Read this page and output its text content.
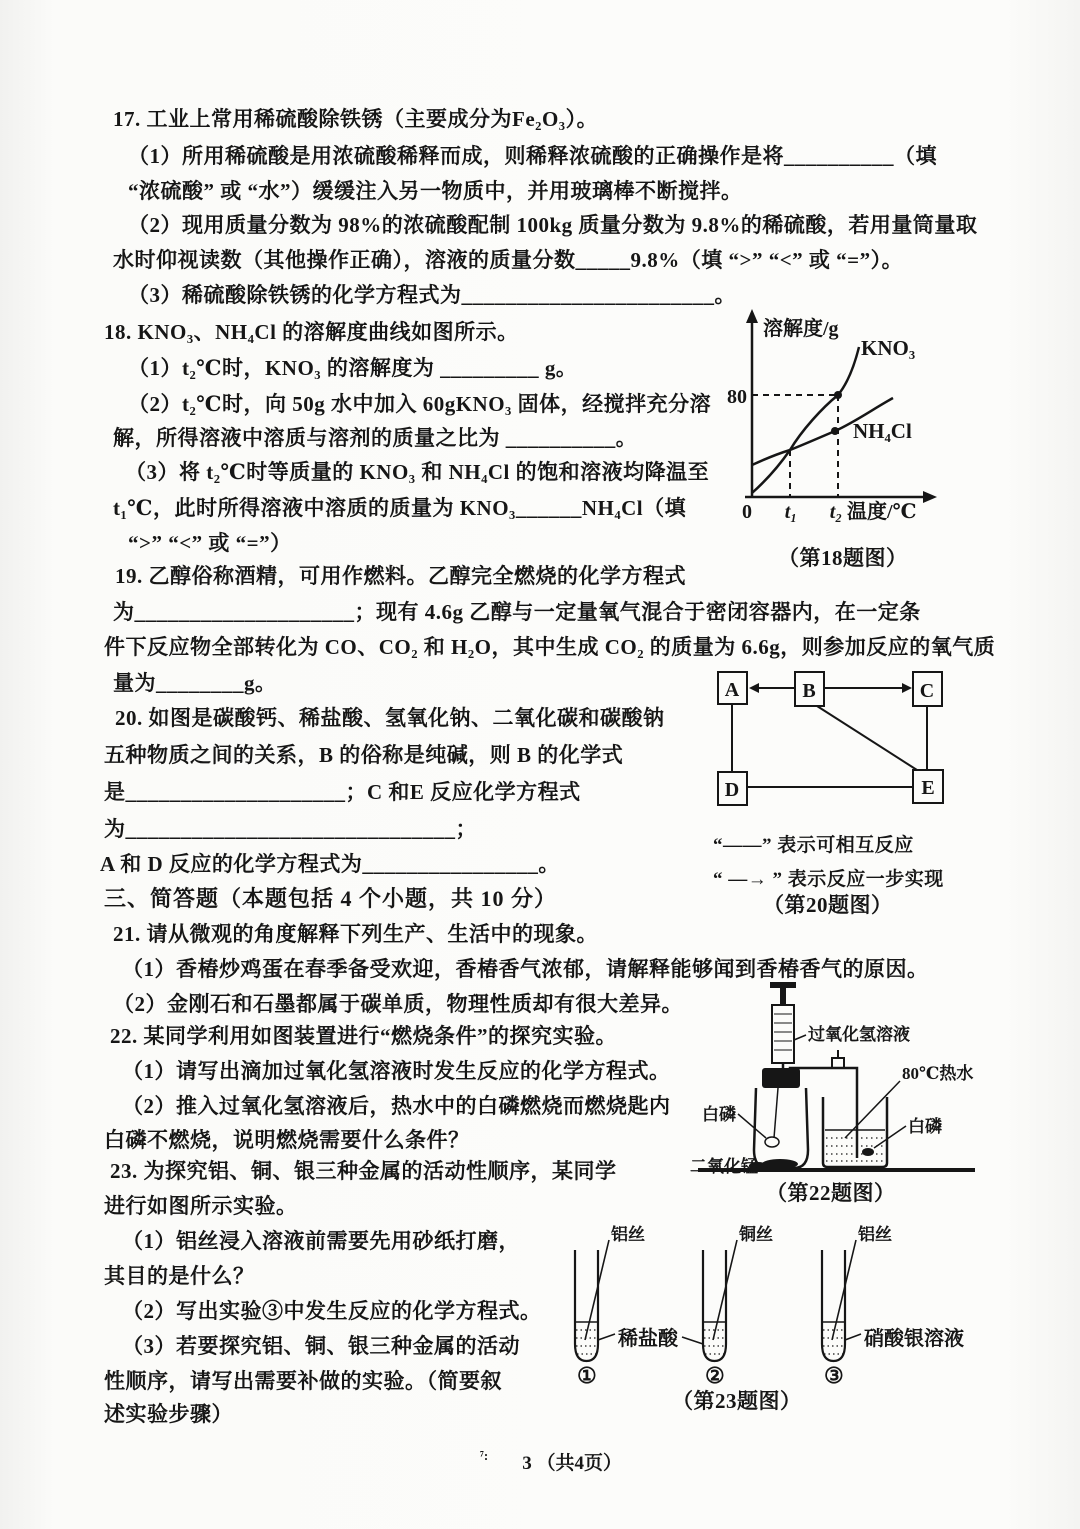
17. 工业上常用稀硫酸除铁锈（主要成分为Fe₂O₃）。
（1）所用稀硫酸是用浓硫酸稀释而成，则稀释浓硫酸的正确操作是将__________（填
“浓硫酸” 或 “水”）缓缓注入另一物质中，并用玻璃棒不断搅拌。
（2）现用质量分数为 98%的浓硫酸配制 100kg 质量分数为 9.8%的稀硫酸，若用量筒量取
水时仰视读数（其他操作正确），溶液的质量分数_____9.8%（填 “>” “<” 或 “=”）。
（3）稀硫酸除铁锈的化学方程式为_______________________。
18. KNO₃、NH₄Cl 的溶解度曲线如图所示。
（1）t₂℃时，KNO₃ 的溶解度为 _________ g。
（2）t₂℃时，向 50g 水中加入 60gKNO₃ 固体，经搅拌充分溶
解，所得溶液中溶质与溶剂的质量之比为 __________。
（3）将 t₂℃时等质量的 KNO₃ 和 NH₄Cl 的饱和溶液均降温至
t₁℃，此时所得溶液中溶质的质量为 KNO₃______NH₄Cl（填
“>” “<” 或 “=”）
溶解度/g
80
KNO₃
NH₄Cl
0 t₁ t₂ 温度/℃
（第18题图）
19. 乙醇俗称酒精，可用作燃料。乙醇完全燃烧的化学方程式
为____________________；现有 4.6g 乙醇与一定量氧气混合于密闭容器内，在一定条
件下反应物全部转化为 CO、CO₂ 和 H₂O，其中生成 CO₂ 的质量为 6.6g，则参加反应的氧气质
量为________g。
20. 如图是碳酸钙、稀盐酸、氢氧化钠、二氧化碳和碳酸钠
五种物质之间的关系，B 的俗称是纯碱，则 B 的化学式
是____________________；C 和E 反应化学方程式
为______________________________；
A 和 D 反应的化学方程式为________________。
A	B	C
D	E
“——” 表示可相互反应
“ —→ ” 表示反应一步实现
（第20题图）
三、简答题（本题包括 4 个小题，共 10 分）
21. 请从微观的角度解释下列生产、生活中的现象。
（1）香椿炒鸡蛋在春季备受欢迎，香椿香气浓郁，请解释能够闻到香椿香气的原因。
（2）金刚石和石墨都属于碳单质，物理性质却有很大差异。
22. 某同学利用如图装置进行“燃烧条件”的探究实验。
（1）请写出滴加过氧化氢溶液时发生反应的化学方程式。
（2）推入过氧化氢溶液后，热水中的白磷燃烧而燃烧匙内
白磷不燃烧，说明燃烧需要什么条件？
过氧化氢溶液
80℃热水
白磷
白磷
二氧化锰
（第22题图）
23. 为探究铝、铜、银三种金属的活动性顺序，某同学
进行如图所示实验。
（1）铝丝浸入溶液前需要先用砂纸打磨，
其目的是什么？
（2）写出实验③中发生反应的化学方程式。
（3）若要探究铝、铜、银三种金属的活动
性顺序，请写出需要补做的实验。（简要叙
述实验步骤）
铝丝
①
稀盐酸
铜丝
②
铝丝
硝酸银溶液
③
（第23题图）
$^{^7:}$ 3 （共4页）
